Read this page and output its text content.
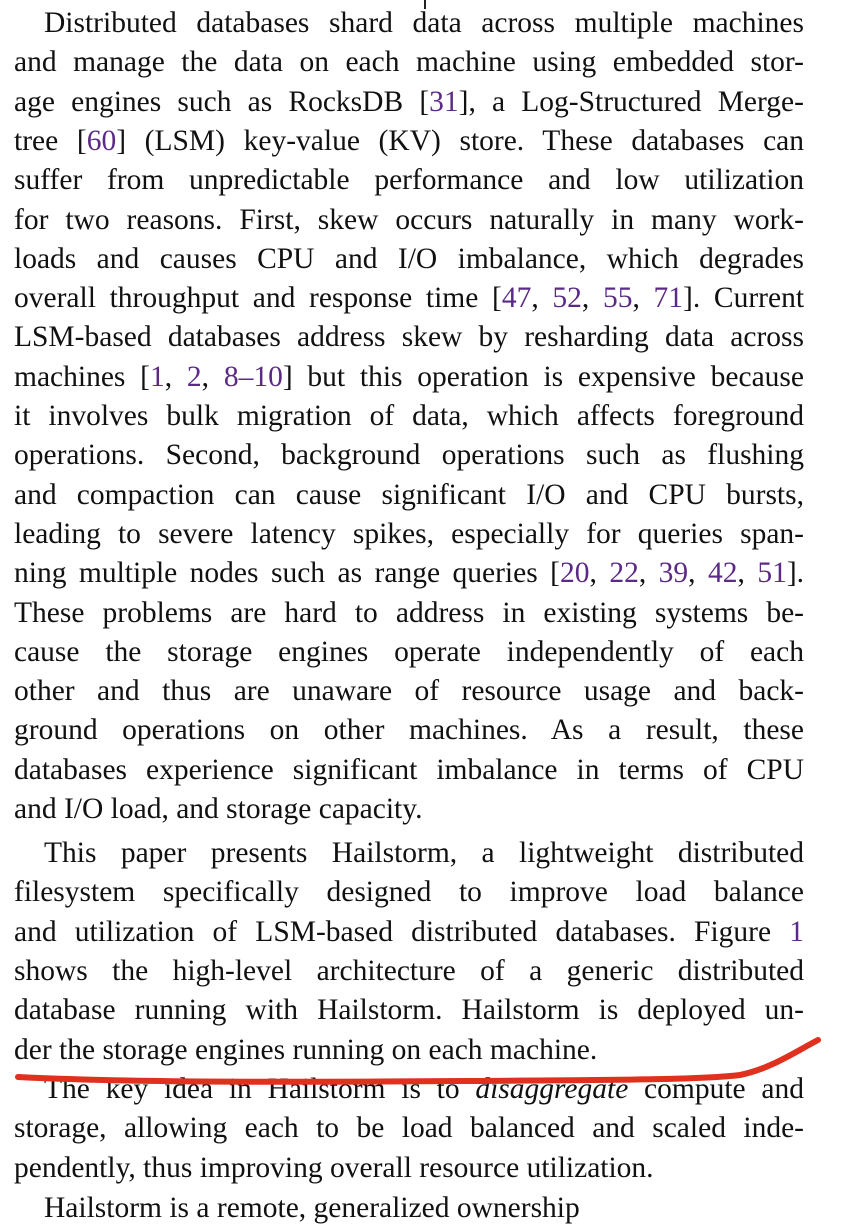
Distributed databases shard data across multiple machines
and manage the data on each machine using embedded stor-
age engines such as RocksDB [31], a Log-Structured Merge-
tree [60] (LSM) key-value (KV) store. These databases can
suffer from unpredictable performance and low utilization
for two reasons. First, skew occurs naturally in many work-
loads and causes CPU and I/O imbalance, which degrades
overall throughput and response time [47, 52, 55, 71]. Current
LSM-based databases address skew by resharding data across
machines [1, 2, 8–10] but this operation is expensive because
it involves bulk migration of data, which affects foreground
operations. Second, background operations such as flushing
and compaction can cause significant I/O and CPU bursts,
leading to severe latency spikes, especially for queries span-
ning multiple nodes such as range queries [20, 22, 39, 42, 51].
These problems are hard to address in existing systems be-
cause the storage engines operate independently of each
other and thus are unaware of resource usage and back-
ground operations on other machines. As a result, these
databases experience significant imbalance in terms of CPU
and I/O load, and storage capacity.
This paper presents Hailstorm, a lightweight distributed
filesystem specifically designed to improve load balance
and utilization of LSM-based distributed databases. Figure 1
shows the high-level architecture of a generic distributed
database running with Hailstorm. Hailstorm is deployed un-
der the storage engines running on each machine.
The key idea in Hailstorm is to disaggregate compute and
storage, allowing each to be load balanced and scaled inde-
pendently, thus improving overall resource utilization.
Hailstorm is a remote, generalized ownership
